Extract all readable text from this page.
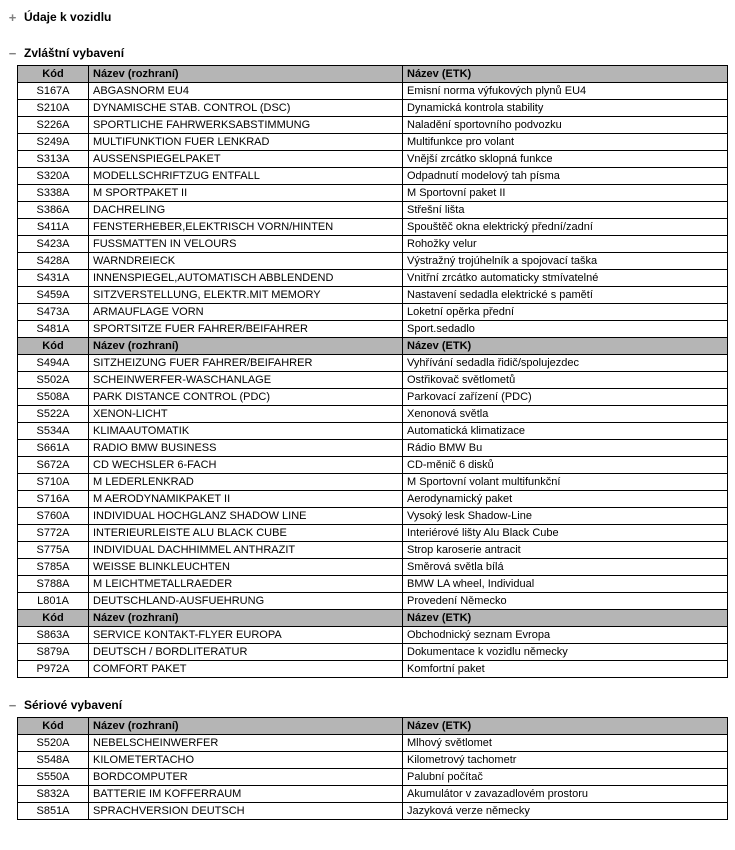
+ Údaje k vozidlu
− Zvláštní vybavení
Kód	Název (rozhraní)	Název (ETK)
S167A	ABGASNORM EU4	Emisní norma výfukových plynů EU4
S210A	DYNAMISCHE STAB. CONTROL (DSC)	Dynamická kontrola stability
S226A	SPORTLICHE FAHRWERKSABSTIMMUNG	Naladění sportovního podvozku
S249A	MULTIFUNKTION FUER LENKRAD	Multifunkce pro volant
S313A	AUSSENSPIEGELPAKET	Vnější zrcátko sklopná funkce
S320A	MODELLSCHRIFTZUG ENTFALL	Odpadnutí modelový tah písma
S338A	M SPORTPAKET II	M Sportovní paket II
S386A	DACHRELING	Střešní lišta
S411A	FENSTERHEBER,ELEKTRISCH VORN/HINTEN	Spouštěč okna elektrický přední/zadní
S423A	FUSSMATTEN IN VELOURS	Rohožky velur
S428A	WARNDREIECK	Výstražný trojúhelník a spojovací taška
S431A	INNENSPIEGEL,AUTOMATISCH ABBLENDEND	Vnitřní zrcátko automaticky stmívatelné
S459A	SITZVERSTELLUNG, ELEKTR.MIT MEMORY	Nastavení sedadla elektrické s pamětí
S473A	ARMAUFLAGE VORN	Loketní opěrka přední
S481A	SPORTSITZE FUER FAHRER/BEIFAHRER	Sport.sedadlo
Kód	Název (rozhraní)	Název (ETK)
S494A	SITZHEIZUNG FUER FAHRER/BEIFAHRER	Vyhřívání sedadla řidič/spolujezdec
S502A	SCHEINWERFER-WASCHANLAGE	Ostřikovač světlometů
S508A	PARK DISTANCE CONTROL (PDC)	Parkovací zařízení (PDC)
S522A	XENON-LICHT	Xenonová světla
S534A	KLIMAAUTOMATIK	Automatická klimatizace
S661A	RADIO BMW BUSINESS	Rádio BMW Bu
S672A	CD WECHSLER 6-FACH	CD-měnič 6 disků
S710A	M LEDERLENKRAD	M Sportovní volant multifunkční
S716A	M AERODYNAMIKPAKET II	Aerodynamický paket
S760A	INDIVIDUAL HOCHGLANZ SHADOW LINE	Vysoký lesk Shadow-Line
S772A	INTERIEURLEISTE ALU BLACK CUBE	Interiérové lišty Alu Black Cube
S775A	INDIVIDUAL DACHHIMMEL ANTHRAZIT	Strop karoserie antracit
S785A	WEISSE BLINKLEUCHTEN	Směrová světla bílá
S788A	M LEICHTMETALLRAEDER	BMW LA wheel, Individual
L801A	DEUTSCHLAND-AUSFUEHRUNG	Provedení Německo
Kód	Název (rozhraní)	Název (ETK)
S863A	SERVICE KONTAKT-FLYER EUROPA	Obchodnický seznam Evropa
S879A	DEUTSCH / BORDLITERATUR	Dokumentace k vozidlu německy
P972A	COMFORT PAKET	Komfortní paket
− Sériové vybavení
Kód	Název (rozhraní)	Název (ETK)
S520A	NEBELSCHEINWERFER	Mlhový světlomet
S548A	KILOMETERTACHO	Kilometrový tachometr
S550A	BORDCOMPUTER	Palubní počítač
S832A	BATTERIE IM KOFFERRAUM	Akumulátor v zavazadlovém prostoru
S851A	SPRACHVERSION DEUTSCH	Jazyková verze německy
